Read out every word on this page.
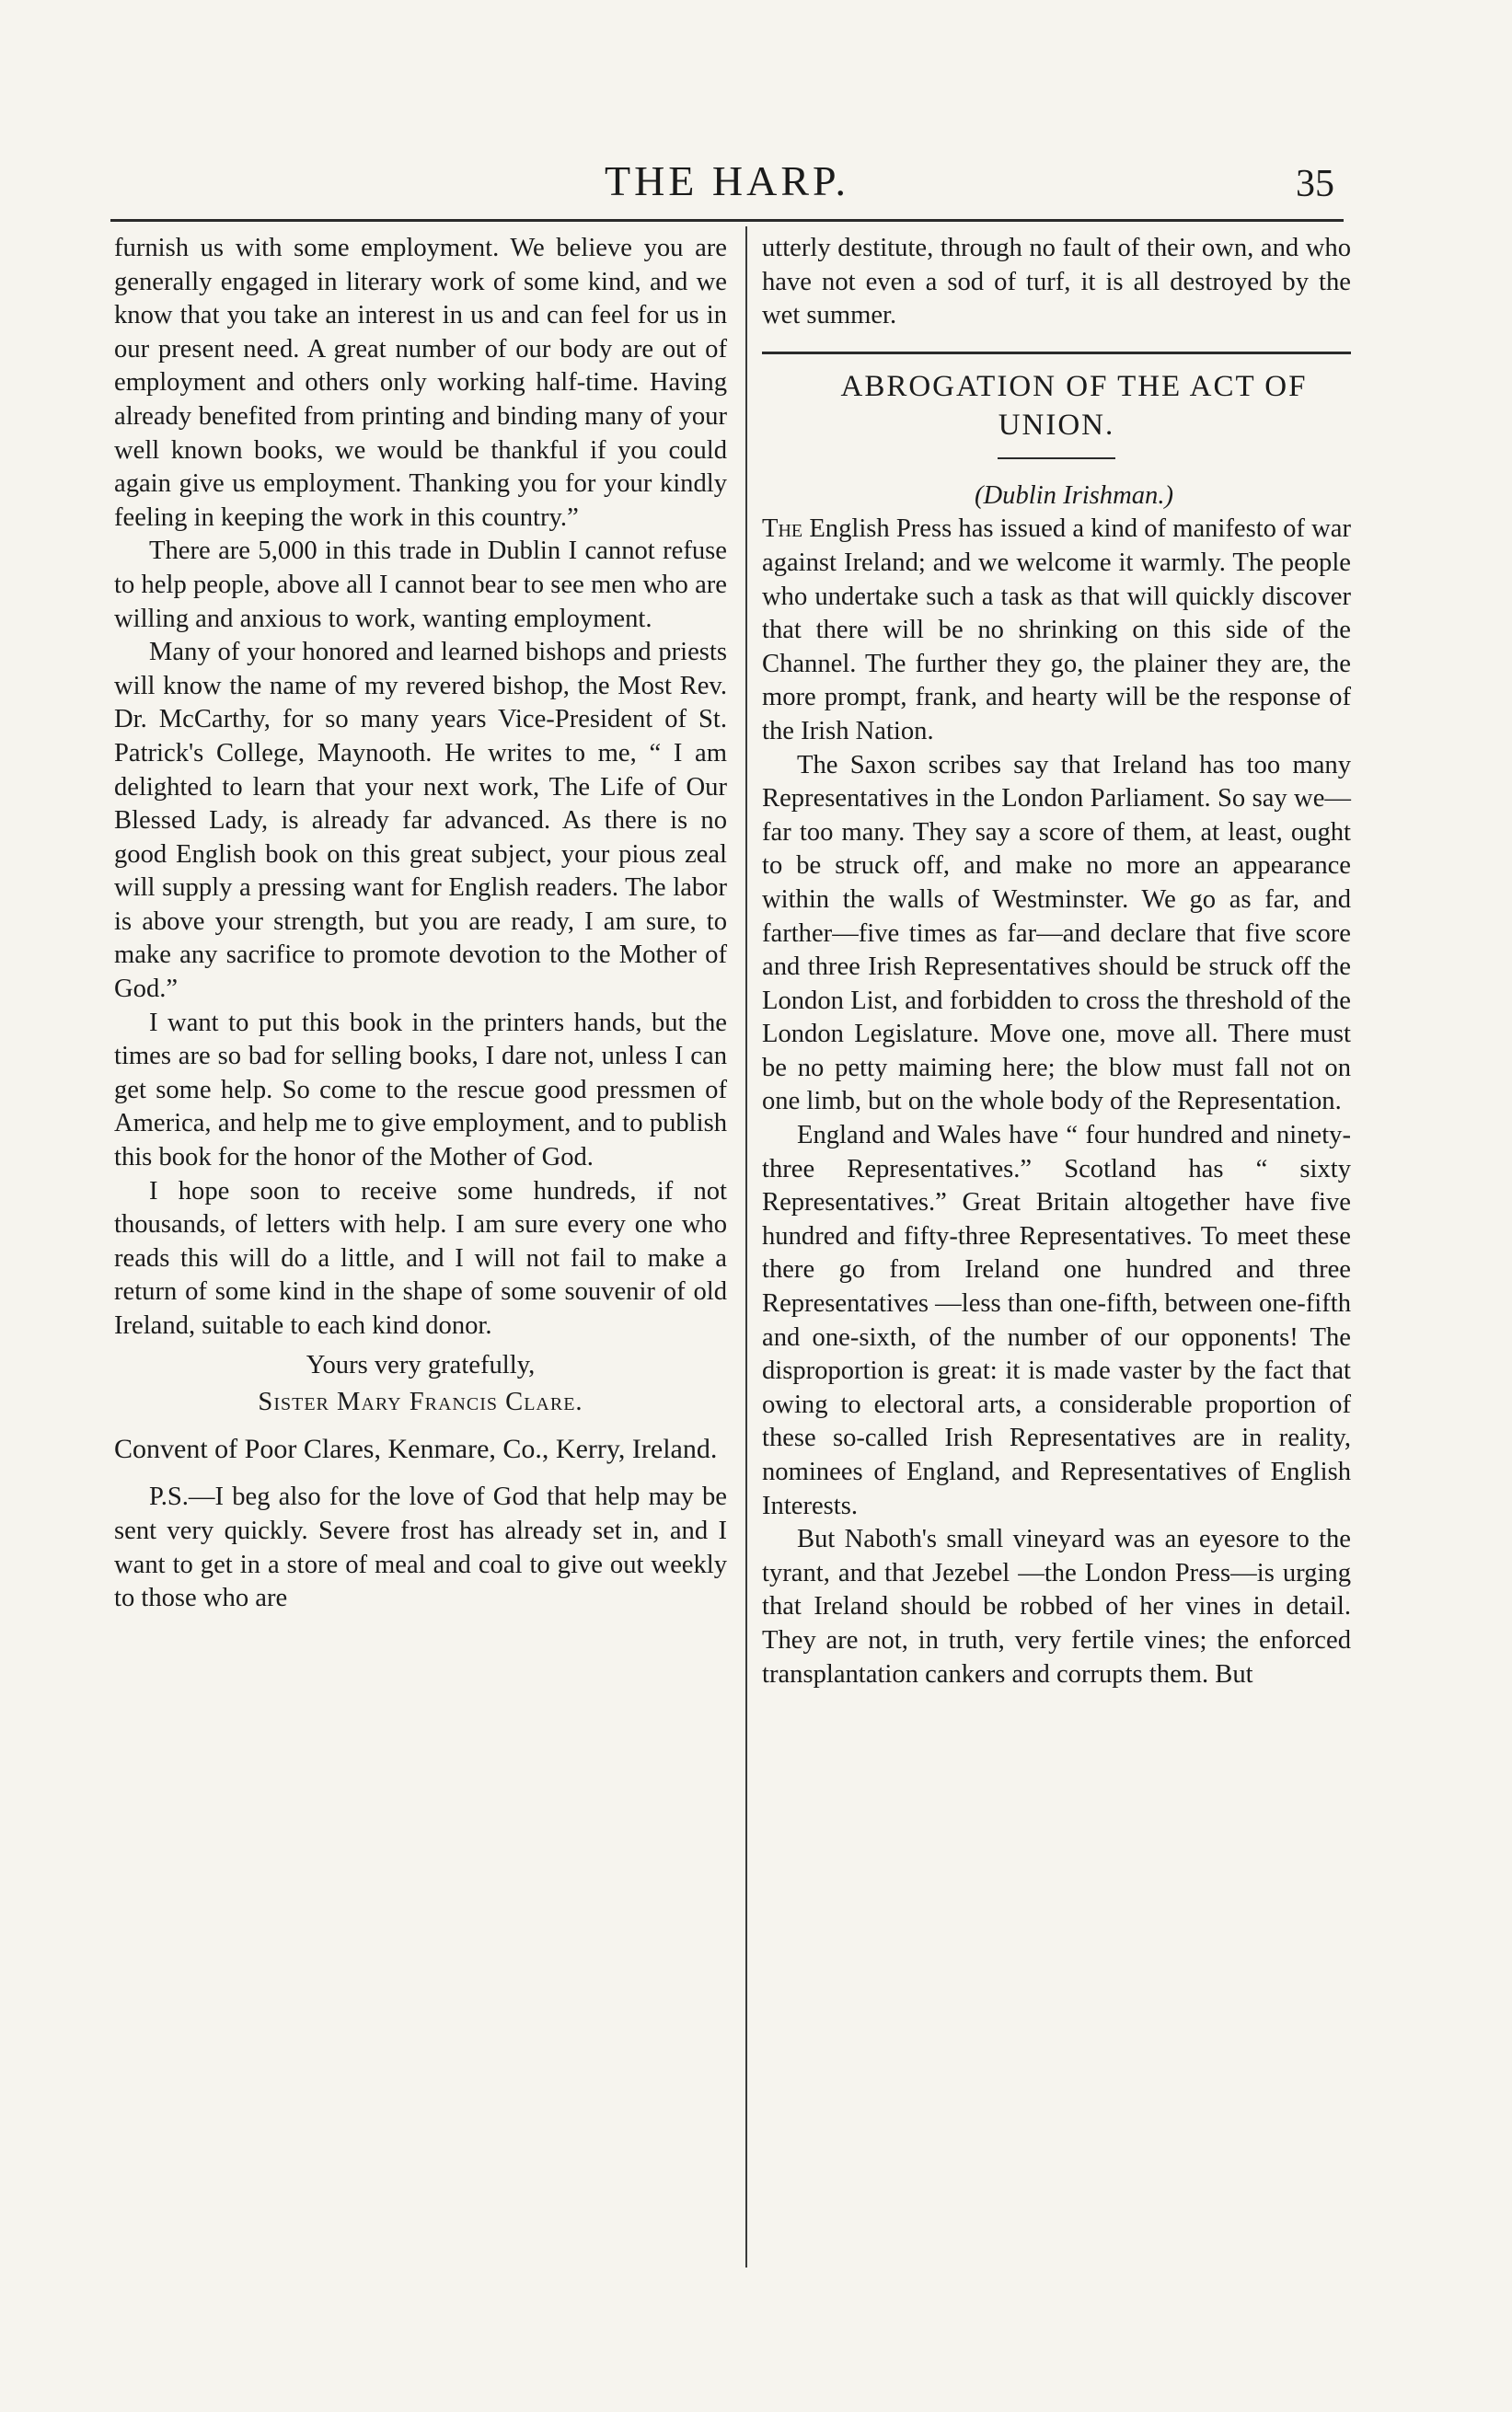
THE HARP.	35

furnish us with some employment. We believe you are generally engaged in literary work of some kind, and we know that you take an interest in us and can feel for us in our present need. A great number of our body are out of employment and others only working half-time. Having already benefited from printing and binding many of your well known books, we would be thankful if you could again give us employment. Thanking you for your kindly feeling in keeping the work in this country.”

There are 5,000 in this trade in Dublin I cannot refuse to help people, above all I cannot bear to see men who are willing and anxious to work, wanting employment.

Many of your honored and learned bishops and priests will know the name of my revered bishop, the Most Rev. Dr. McCarthy, for so many years Vice-President of St. Patrick's College, Maynooth. He writes to me, “ I am delighted to learn that your next work, The Life of Our Blessed Lady, is already far advanced. As there is no good English book on this great subject, your pious zeal will supply a pressing want for English readers. The labor is above your strength, but you are ready, I am sure, to make any sacrifice to promote devotion to the Mother of God.”

I want to put this book in the printers hands, but the times are so bad for selling books, I dare not, unless I can get some help. So come to the rescue good pressmen of America, and help me to give employment, and to publish this book for the honor of the Mother of God.

I hope soon to receive some hundreds, if not thousands, of letters with help. I am sure every one who reads this will do a little, and I will not fail to make a return of some kind in the shape of some souvenir of old Ireland, suitable to each kind donor.

Yours very gratefully,

Sister Mary Francis Clare.

Convent of Poor Clares, Kenmare, Co., Kerry, Ireland.

P.S.—I beg also for the love of God that help may be sent very quickly. Severe frost has already set in, and I want to get in a store of meal and coal to give out weekly to those who are

utterly destitute, through no fault of their own, and who have not even a sod of turf, it is all destroyed by the wet summer.

ABROGATION OF THE ACT OF UNION.

(Dublin Irishman.)

The English Press has issued a kind of manifesto of war against Ireland; and we welcome it warmly. The people who undertake such a task as that will quickly discover that there will be no shrinking on this side of the Channel. The further they go, the plainer they are, the more prompt, frank, and hearty will be the response of the Irish Nation.

The Saxon scribes say that Ireland has too many Representatives in the London Parliament. So say we—far too many. They say a score of them, at least, ought to be struck off, and make no more an appearance within the walls of Westminster. We go as far, and farther—five times as far—and declare that five score and three Irish Representatives should be struck off the London List, and forbidden to cross the threshold of the London Legislature. Move one, move all. There must be no petty maiming here; the blow must fall not on one limb, but on the whole body of the Representation.

England and Wales have “ four hundred and ninety-three Representatives.” Scotland has “ sixty Representatives.” Great Britain altogether have five hundred and fifty-three Representatives. To meet these there go from Ireland one hundred and three Representatives —less than one-fifth, between one-fifth and one-sixth, of the number of our opponents! The disproportion is great: it is made vaster by the fact that owing to electoral arts, a considerable proportion of these so-called Irish Representatives are in reality, nominees of England, and Representatives of English Interests.

But Naboth's small vineyard was an eyesore to the tyrant, and that Jezebel —the London Press—is urging that Ireland should be robbed of her vines in detail. They are not, in truth, very fertile vines; the enforced transplantation cankers and corrupts them. But
